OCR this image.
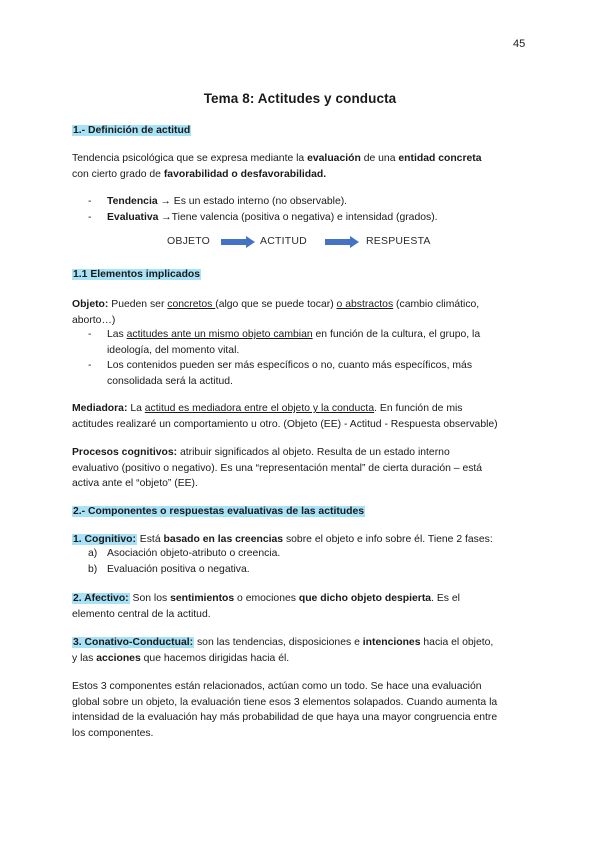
45
Tema 8: Actitudes y conducta
1.- Definición de actitud
Tendencia psicológica que se expresa mediante la evaluación de una entidad concreta
con cierto grado de favorabilidad o desfavorabilidad.
- Tendencia → Es un estado interno (no observable).
- Evaluativa →Tiene valencia (positiva o negativa) e intensidad (grados).
OBJETO	ACTITUD	RESPUESTA
1.1 Elementos implicados
Objeto: Pueden ser concretos (algo que se puede tocar) o abstractos (cambio climático,
aborto…)
- Las actitudes ante un mismo objeto cambian en función de la cultura, el grupo, la
ideología, del momento vital.
- Los contenidos pueden ser más específicos o no, cuanto más específicos, más
consolidada será la actitud.
Mediadora: La actitud es mediadora entre el objeto y la conducta. En función de mis
actitudes realizaré un comportamiento u otro. (Objeto (EE) - Actitud - Respuesta observable)
Procesos cognitivos: atribuir significados al objeto. Resulta de un estado interno
evaluativo (positivo o negativo). Es una “representación mental” de cierta duración – está
activa ante el “objeto” (EE).
2.- Componentes o respuestas evaluativas de las actitudes
1. Cognitivo: Está basado en las creencias sobre el objeto e info sobre él. Tiene 2 fases:
a) Asociación objeto-atributo o creencia.
b) Evaluación positiva o negativa.
2. Afectivo: Son los sentimientos o emociones que dicho objeto despierta. Es el
elemento central de la actitud.
3. Conativo-Conductual: son las tendencias, disposiciones e intenciones hacia el objeto,
y las acciones que hacemos dirigidas hacia él.
Estos 3 componentes están relacionados, actúan como un todo. Se hace una evaluación
global sobre un objeto, la evaluación tiene esos 3 elementos solapados. Cuando aumenta la
intensidad de la evaluación hay más probabilidad de que haya una mayor congruencia entre
los componentes.
